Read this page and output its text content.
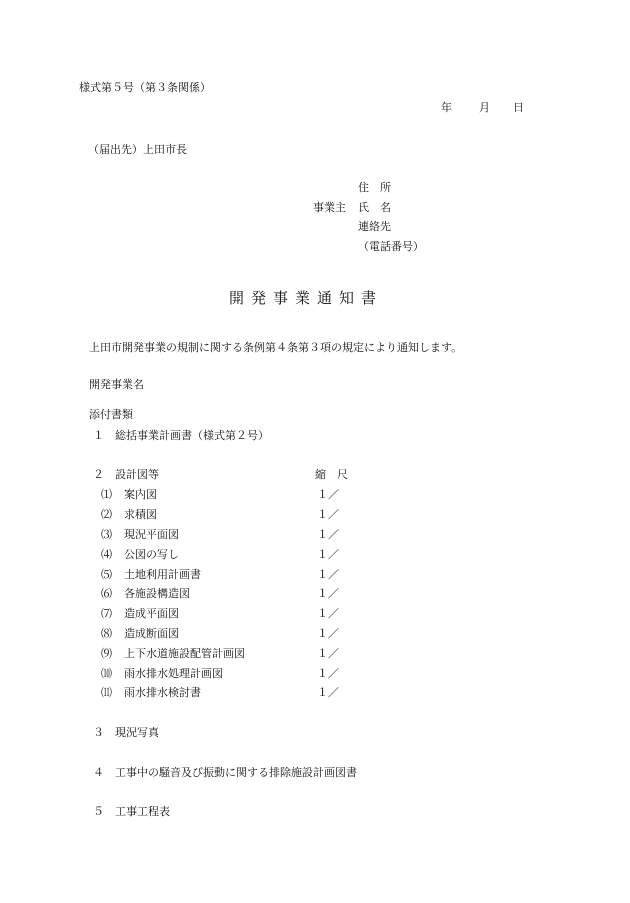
様式第５号（第３条関係）
年 月 日
（届出先）上田市長
住　所
事業主 氏　名
連絡先
（電話番号）
開発事業通知書
上田市開発事業の規制に関する条例第４条第３項の規定により通知します。
開発事業名
添付書類
１ 総括事業計画書（様式第２号）
２ 設計図等	縮　尺
⑴ 案内図	１／
⑵ 求積図	１／
⑶ 現況平面図	１／
⑷ 公図の写し	１／
⑸ 土地利用計画書	１／
⑹ 各施設構造図	１／
⑺ 造成平面図	１／
⑻ 造成断面図	１／
⑼ 上下水道施設配管計画図	１／
⑽ 雨水排水処理計画図	１／
⑾ 雨水排水検討書	１／
３ 現況写真
４ 工事中の騒音及び振動に関する排除施設計画図書
５ 工事工程表
